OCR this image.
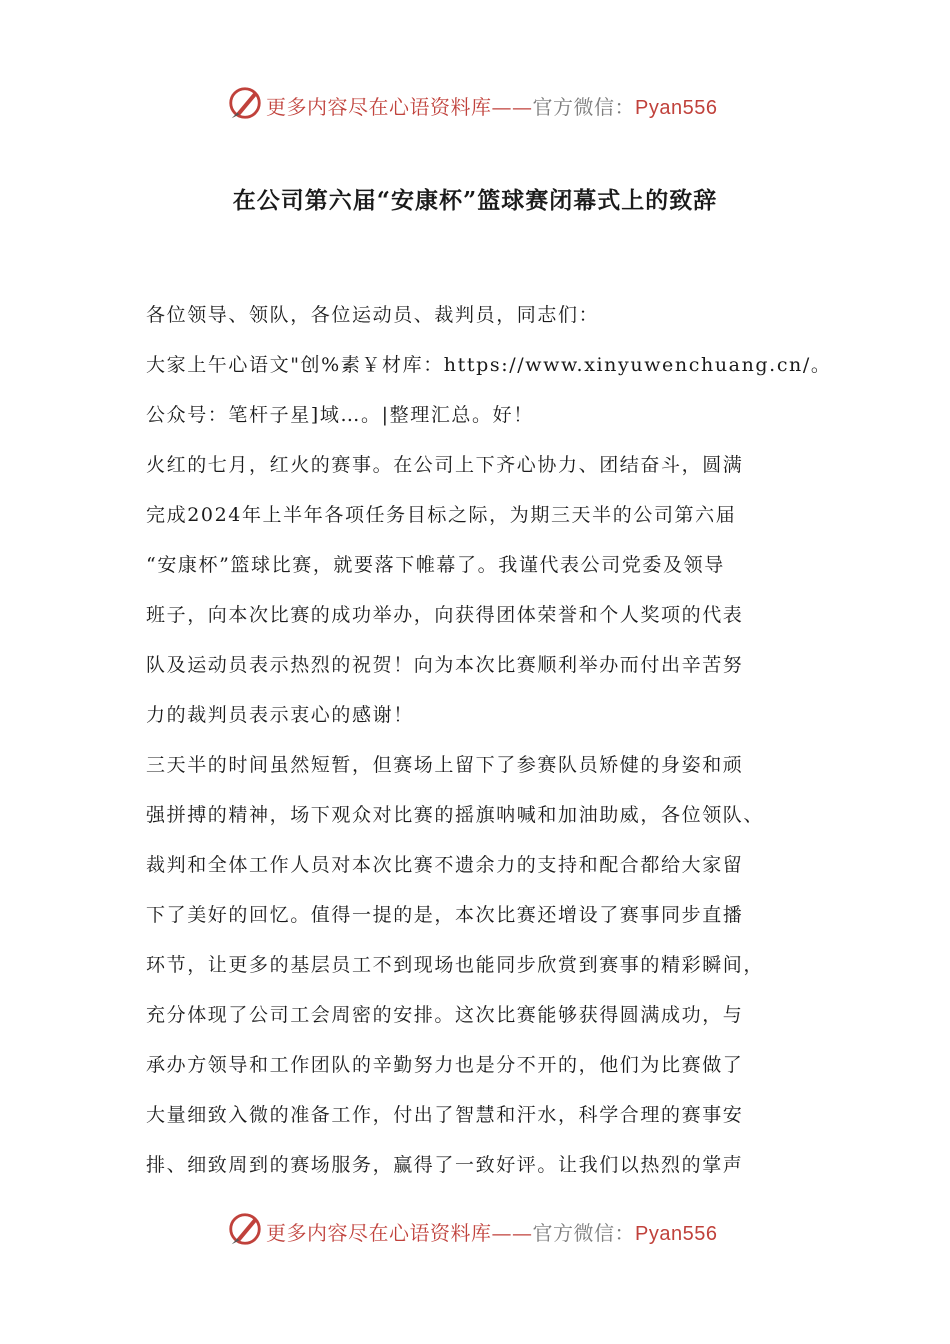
更多内容尽在心语资料库——官方微信：Pyan556
在公司第六届“安康杯”篮球赛闭幕式上的致辞
各位领导、领队，各位运动员、裁判员，同志们：
大家上午心语文"创%素￥材库：https://www.xinyuwenchuang.cn/。
公众号：笔杆子星]域…。|整理汇总。好！
火红的七月，红火的赛事。在公司上下齐心协力、团结奋斗，圆满
完成2024年上半年各项任务目标之际，为期三天半的公司第六届
“安康杯”篮球比赛，就要落下帷幕了。我谨代表公司党委及领导
班子，向本次比赛的成功举办，向获得团体荣誉和个人奖项的代表
队及运动员表示热烈的祝贺！向为本次比赛顺利举办而付出辛苦努
力的裁判员表示衷心的感谢！
三天半的时间虽然短暂，但赛场上留下了参赛队员矫健的身姿和顽
强拼搏的精神，场下观众对比赛的摇旗呐喊和加油助威，各位领队、
裁判和全体工作人员对本次比赛不遗余力的支持和配合都给大家留
下了美好的回忆。值得一提的是，本次比赛还增设了赛事同步直播
环节，让更多的基层员工不到现场也能同步欣赏到赛事的精彩瞬间，
充分体现了公司工会周密的安排。这次比赛能够获得圆满成功，与
承办方领导和工作团队的辛勤努力也是分不开的，他们为比赛做了
大量细致入微的准备工作，付出了智慧和汗水，科学合理的赛事安
排、细致周到的赛场服务，赢得了一致好评。让我们以热烈的掌声
更多内容尽在心语资料库——官方微信：Pyan556
